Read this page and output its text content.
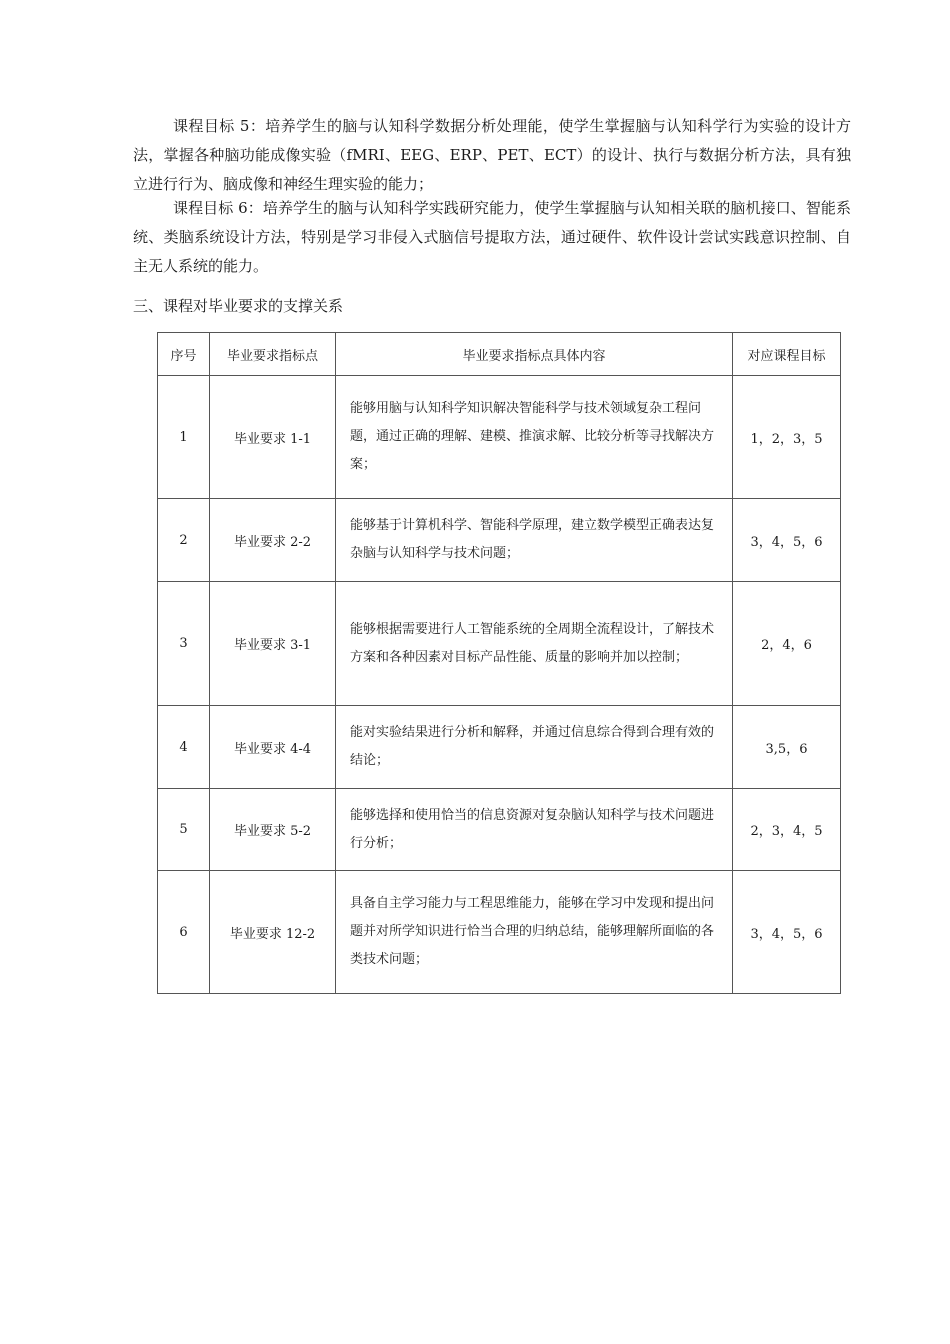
课程目标 5：培养学生的脑与认知科学数据分析处理能，使学生掌握脑与认知科学行为实验的设计方法，掌握各种脑功能成像实验（fMRI、EEG、ERP、PET、ECT）的设计、执行与数据分析方法，具有独立进行行为、脑成像和神经生理实验的能力；

课程目标 6：培养学生的脑与认知科学实践研究能力，使学生掌握脑与认知相关联的脑机接口、智能系统、类脑系统设计方法，特别是学习非侵入式脑信号提取方法，通过硬件、软件设计尝试实践意识控制、自主无人系统的能力。

三、课程对毕业要求的支撑关系
序号	毕业要求指标点	毕业要求指标点具体内容	对应课程目标
1	毕业要求 1-1	能够用脑与认知科学知识解决智能科学与技术领域复杂工程问题，通过正确的理解、建模、推演求解、比较分析等寻找解决方案；	1，2，3，5
2	毕业要求 2-2	能够基于计算机科学、智能科学原理，建立数学模型正确表达复杂脑与认知科学与技术问题；	3，4，5，6
3	毕业要求 3-1	能够根据需要进行人工智能系统的全周期全流程设计，了解技术方案和各种因素对目标产品性能、质量的影响并加以控制；	2，4，6
4	毕业要求 4-4	能对实验结果进行分析和解释，并通过信息综合得到合理有效的结论；	3,5，6
5	毕业要求 5-2	能够选择和使用恰当的信息资源对复杂脑认知科学与技术问题进行分析；	2，3，4，5
6	毕业要求 12-2	具备自主学习能力与工程思维能力，能够在学习中发现和提出问题并对所学知识进行恰当合理的归纳总结，能够理解所面临的各类技术问题；	3，4，5，6
